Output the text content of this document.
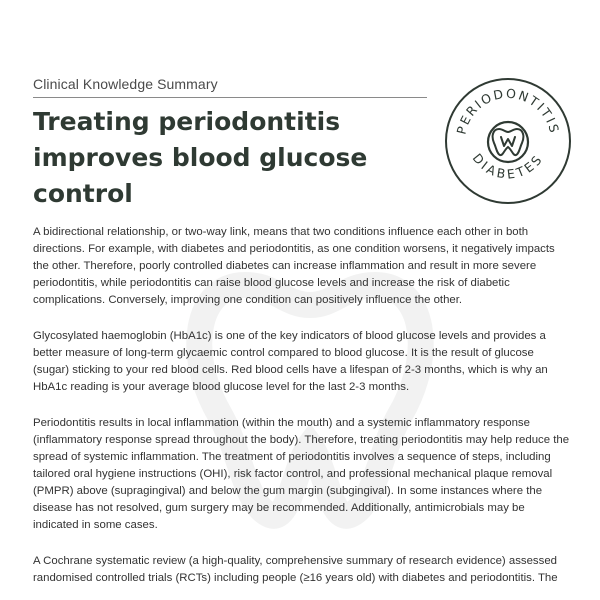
Clinical Knowledge Summary
Treating periodontitis improves blood glucose control
PERIODONTITIS
DIABETES

A bidirectional relationship, or two-way link, means that two conditions influence each other in both directions. For example, with diabetes and periodontitis, as one condition worsens, it negatively impacts the other. Therefore, poorly controlled diabetes can increase inflammation and result in more severe periodontitis, while periodontitis can raise blood glucose levels and increase the risk of diabetic complications. Conversely, improving one condition can positively influence the other.

Glycosylated haemoglobin (HbA1c) is one of the key indicators of blood glucose levels and provides a better measure of long-term glycaemic control compared to blood glucose. It is the result of glucose (sugar) sticking to your red blood cells. Red blood cells have a lifespan of 2-3 months, which is why an HbA1c reading is your average blood glucose level for the last 2-3 months.

Periodontitis results in local inflammation (within the mouth) and a systemic inflammatory response (inflammatory response spread throughout the body). Therefore, treating periodontitis may help reduce the spread of systemic inflammation. The treatment of periodontitis involves a sequence of steps, including tailored oral hygiene instructions (OHI), risk factor control, and professional mechanical plaque removal (PMPR) above (supragingival) and below the gum margin (subgingival). In some instances where the disease has not resolved, gum surgery may be recommended. Additionally, antimicrobials may be indicated in some cases.

A Cochrane systematic review (a high-quality, comprehensive summary of research evidence) assessed randomised controlled trials (RCTs) including people (≥16 years old) with diabetes and periodontitis. The
